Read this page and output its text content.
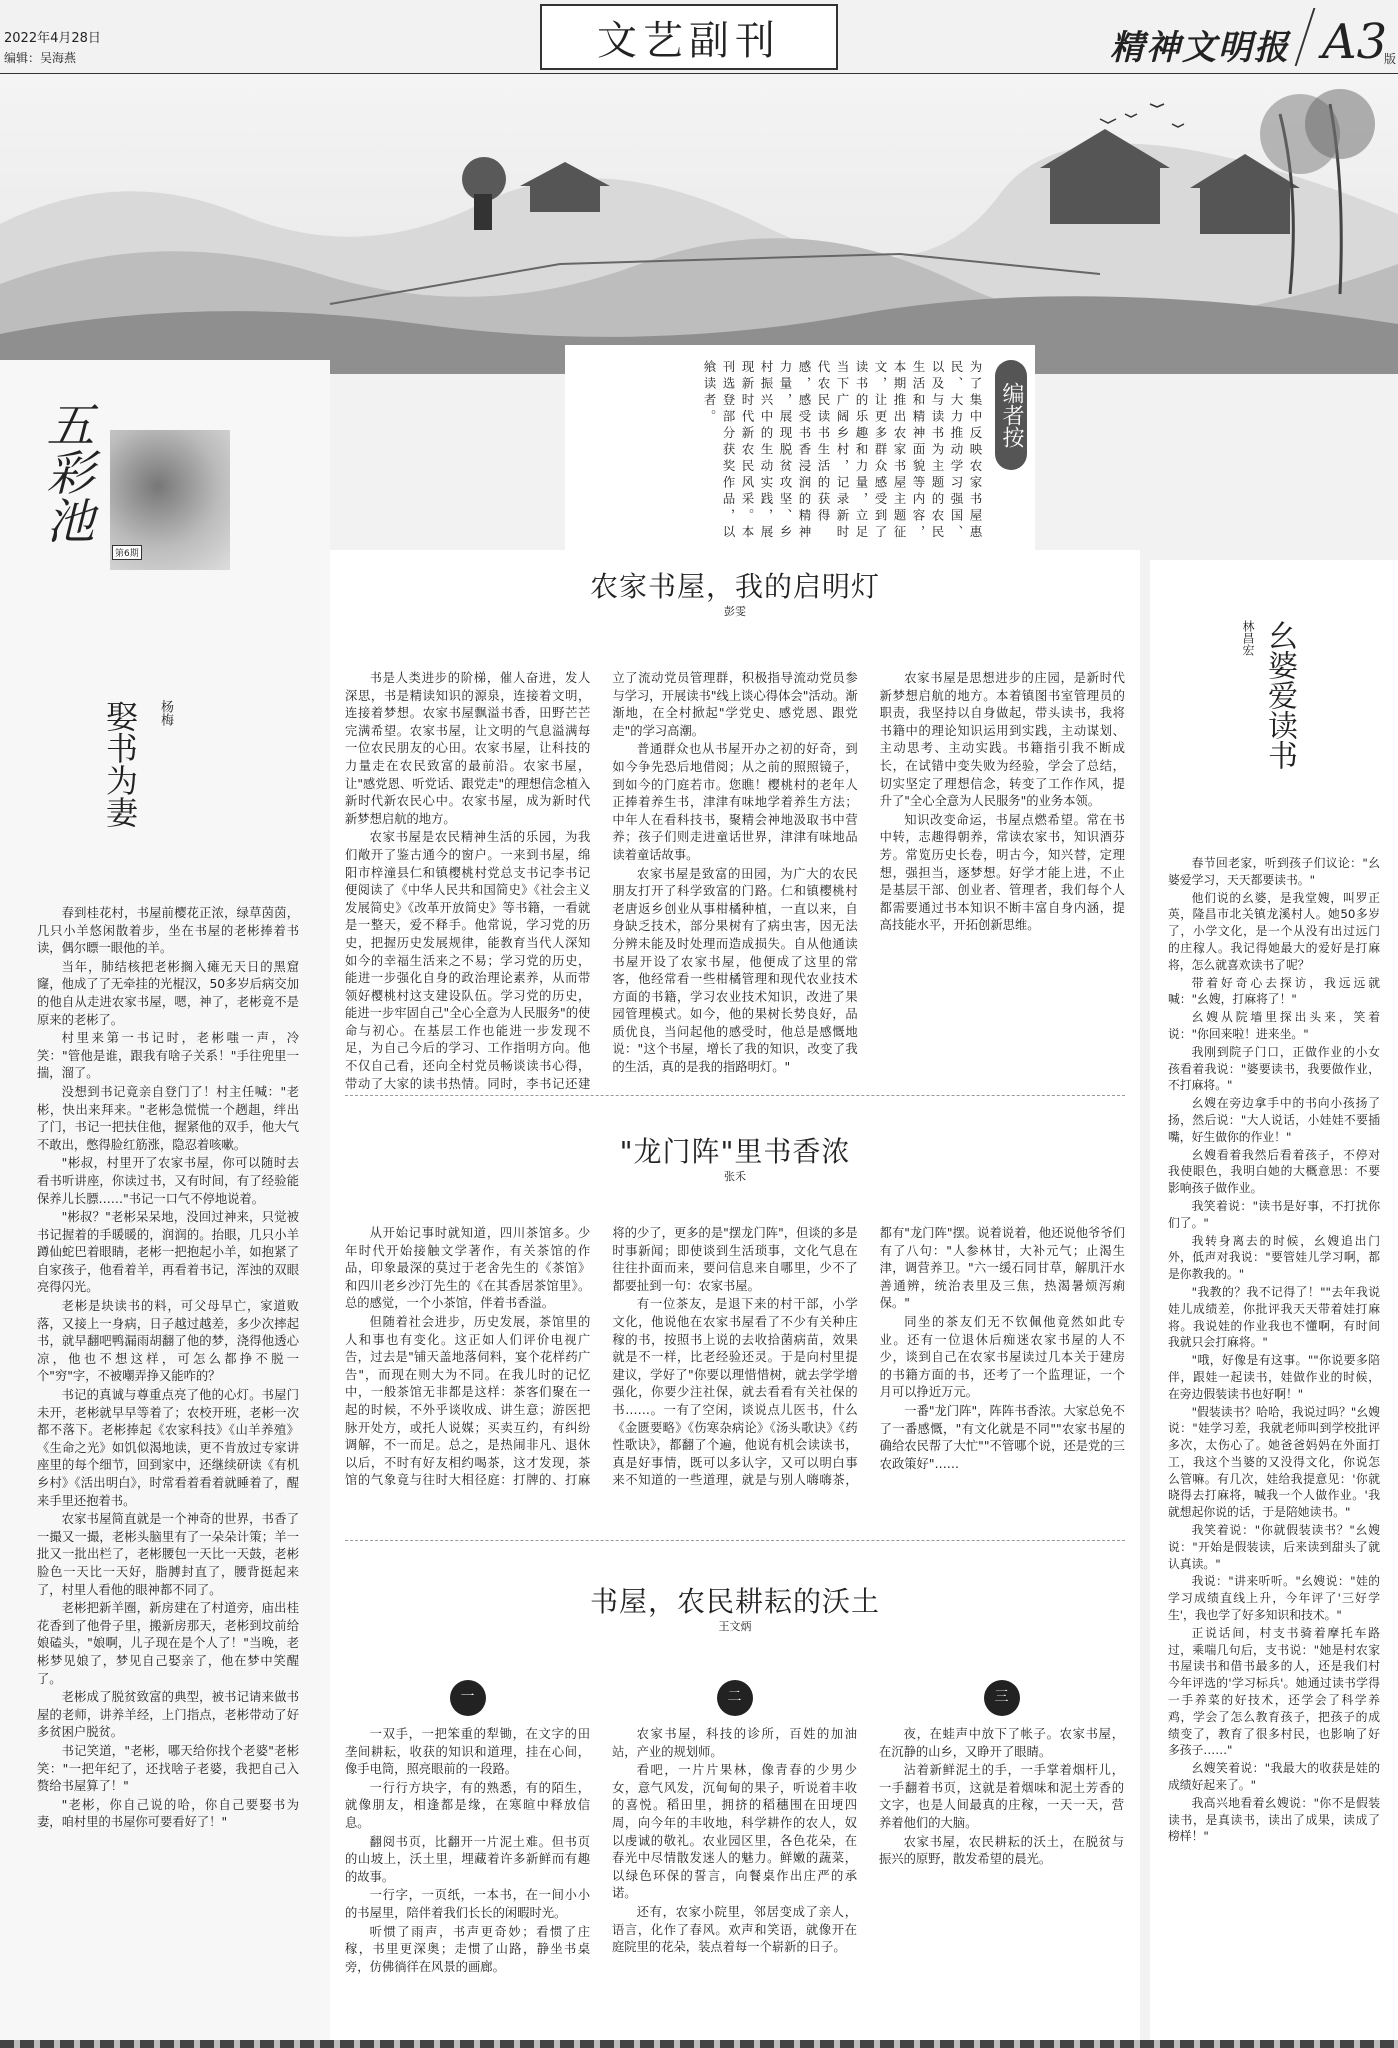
2022年4月28日
编辑：吴海燕	文艺副刊	精神文明报 A3
版
五彩池
第6期
娶书为妻 杨梅

春到桂花村，书屋前樱花正浓，绿草茵茵，几只小羊悠闲散着步，坐在书屋的老彬捧着书读，偶尔瞟一眼他的羊。

当年，肺结核把老彬搁入瘫无天日的黑窟窿，他成了了无牵挂的光棍汉，50多岁后病交加的他自从走进农家书屋，嗯，神了，老彬竟不是原来的老彬了。

村里来第一书记时，老彬嗤一声，冷笑："管他是谁，跟我有啥子关系！"手往兜里一揣，溜了。

没想到书记竟亲自登门了！村主任喊："老彬，快出来拜来。"老彬急慌慌一个趔趄，绊出了门，书记一把扶住他，握紧他的双手，他大气不敢出，憋得脸红筋涨，隐忍着咳嗽。

"彬叔，村里开了农家书屋，你可以随时去看书听讲座，你读过书，又有时间，有了经验能保养儿长膘……"书记一口气不停地说着。

"彬叔？"老彬呆呆地，没回过神来，只觉被书记握着的手暖暖的，润润的。抬眼，几只小羊蹲仙蛇巴着眼睛，老彬一把抱起小羊，如抱紧了自家孩子，他看着羊，再看着书记，浑浊的双眼亮得闪光。

老彬是块读书的料，可父母早亡，家道败落，又接上一身病，日子越过越差，多少次摔起书，就早翻吧鸭漏雨胡翻了他的梦，浇得他透心凉，他也不想这样，可怎么都挣不脱一个"穷"字，不被嘲弄挣又能咋的？

书记的真诚与尊重点亮了他的心灯。书屋门未开，老彬就早早等着了；农校开班，老彬一次都不落下。老彬捧起《农家科技》《山羊养殖》《生命之光》如饥似渴地读，更不肯放过专家讲座里的每个细节，回到家中，还继续研读《有机乡村》《活出明白》，时常看着看着就睡着了，醒来手里还抱着书。

农家书屋简直就是一个神奇的世界，书香了一撮又一撮，老彬头脑里有了一朵朵计策；羊一批又一批出栏了，老彬腰包一天比一天鼓，老彬脸色一天比一天好，脂膊封直了，腰背挺起来了，村里人看他的眼神都不同了。

老彬把新羊圈，新房建在了村道旁，庙出桂花香到了他骨子里，搬新房那天，老彬到坟前给娘磕头，"娘啊，儿子现在是个人了！"当晚，老彬梦见娘了，梦见自己娶亲了，他在梦中笑醒了。

老彬成了脱贫致富的典型，被书记请来做书屋的老师，讲养羊经，上门指点，老彬带动了好多贫困户脱贫。

书记笑道，"老彬，哪天给你找个老婆"老彬笑："一把年纪了，还找啥子老婆，我把自己入赘给书屋算了！"

"老彬，你自己说的哈，你自己要娶书为妻，咱村里的书屋你可要看好了！"

编者按
为了集中反映农家书屋惠民、大力推动学习强国、以及与读书为主题的农民生活和精神面貌等内容，本期推出农家书屋主题征文，让更多群众感受到了读书的乐趣和力量，立足当下广阔乡村，记录新时代农民读书生活的获得感，感受书香浸润的精神力量，展现脱贫攻坚、乡村振兴中的生动实践，展现新时代新农民风采。本刊选登部分获奖作品，以飨读者。
农家书屋，我的启明灯
彭雯

书是人类进步的阶梯，催人奋进，发人深思，书是精读知识的源泉，连接着文明，连接着梦想。农家书屋飘溢书香，田野芒芒完满希望。农家书屋，让文明的气息溢满每一位农民朋友的心田。农家书屋，让科技的力量走在农民致富的最前沿。农家书屋，让"感党恩、听党话、跟党走"的理想信念植入新时代新农民心中。农家书屋，成为新时代新梦想启航的地方。

农家书屋是农民精神生活的乐园，为我们敞开了鉴古通今的窗户。一来到书屋，绵阳市梓潼县仁和镇樱桃村党总支书记李书记便阅读了《中华人民共和国简史》《社会主义发展简史》《改革开放简史》等书籍，一看就是一整天，爱不释手。他常说，学习党的历史，把握历史发展规律，能教育当代人深知如今的幸福生活来之不易；学习党的历史，能进一步强化自身的政治理论素养，从而带领好樱桃村这支建设队伍。学习党的历史，能进一步牢固自己"全心全意为人民服务"的使命与初心。在基层工作也能进一步发现不足，为自己今后的学习、工作指明方向。他不仅自己看，还向全村党员畅谈读书心得，带动了大家的读书热情。同时，李书记还建立了流动党员管理群，积极指导流动党员参与学习，开展读书"线上谈心得体会"活动。渐渐地，在全村掀起"学党史、感党恩、跟党走"的学习高潮。

普通群众也从书屋开办之初的好奇，到如今争先恐后地借阅；从之前的照照镜子，到如今的门庭若市。您瞧！樱桃村的老年人正捧着养生书，津津有味地学着养生方法；中年人在看科技书，聚精会神地汲取书中营养；孩子们则走进童话世界，津津有味地品读着童话故事。

农家书屋是致富的田园，为广大的农民朋友打开了科学致富的门路。仁和镇樱桃村老唐返乡创业从事柑橘种植，一直以来，自身缺乏技术，部分果树有了病虫害，因无法分辨未能及时处理而造成损失。自从他通读书屋开设了农家书屋，他便成了这里的常客，他经常看一些柑橘管理和现代农业技术方面的书籍，学习农业技术知识，改进了果园管理模式。如今，他的果树长势良好，品质优良，当问起他的感受时，他总是感慨地说："这个书屋，增长了我的知识，改变了我的生活，真的是我的指路明灯。"

农家书屋是思想进步的庄园，是新时代新梦想启航的地方。本着镇图书室管理员的职责，我坚持以自身做起，带头读书，我将书籍中的理论知识运用到实践，主动谋划、主动思考、主动实践。书籍指引我不断成长，在试错中变失败为经验，学会了总结，切实坚定了理想信念，转变了工作作风，提升了"全心全意为人民服务"的业务本领。

知识改变命运，书屋点燃希望。常在书中转，志趣得朝养，常读农家书，知识酒芬芳。常览历史长卷，明古今，知兴替，定理想，强担当，逐梦想。好学才能上进，不止是基层干部、创业者、管理者，我们每个人都需要通过书本知识不断丰富自身内涵，提高技能水平，开拓创新思维。

"龙门阵"里书香浓
张禾

从开始记事时就知道，四川茶馆多。少年时代开始接触文学著作，有关茶馆的作品，印象最深的莫过于老舍先生的《茶馆》和四川老乡沙汀先生的《在其香居茶馆里》。总的感觉，一个小茶馆，伴着书香溢。

但随着社会进步，历史发展，茶馆里的人和事也有变化。这正如人们评价电视广告，过去是"铺天盖地落伺料，宴个花样药广告"，而现在则大为不同。在我儿时的记忆中，一般茶馆无非都是这样：茶客们聚在一起的时候，不外乎谈收成、讲生意；游医把脉开处方，或托人说媒；买卖互约，有纠纷调解，不一而足。总之，是热闹非凡、退休以后，不时有好友相约喝茶，这才发现，茶馆的气象竟与往时大相径庭：打牌的、打麻将的少了，更多的是"摆龙门阵"，但谈的多是时事新闻；即使谈到生活琐事，文化气息在往往扑面而来，要问信息来自哪里，少不了都要扯到一句：农家书屋。

有一位茶友，是退下来的村干部，小学文化，他说他在农家书屋看了不少有关种庄稼的书，按照书上说的去收拾菌病苗，效果就是不一样，比老经验还灵。于是向村里提建议，学好了"你要以理惜惜树，就去学学增强化，你要少注社保，就去看看有关社保的书……。一有了空闲，谈说点儿医书，什么《金匮要略》《伤寒杂病论》《汤头歌诀》《药性歌诀》，都翻了个遍，他说有机会读读书，真是好事情，既可以多认字，又可以明白事来不知道的一些道理，就是与别人嗨嗨茶，都有"龙门阵"摆。说着说着，他还说他爷爷们有了八句："人参林甘，大补元气；止渴生津，调营养卫。"六一缓石同甘草，解肌汗水善通辨，统治表里及三焦，热渴暑烦泻痢保。"

同坐的茶友们无不钦佩他竟然如此专业。还有一位退休后痴迷农家书屋的人不少，谈到自己在农家书屋读过几本关于建房的书籍方面的书，还考了一个监理证，一个月可以挣近万元。

一番"龙门阵"，阵阵书香浓。大家总免不了一番感慨，"有文化就是不同""农家书屋的确给农民帮了大忙""不管哪个说，还是党的三农政策好"……

书屋，农民耕耘的沃土
王文炳
一

一双手，一把笨重的犁锄，在文字的田垄间耕耘，收获的知识和道理，挂在心间，像手电筒，照亮眼前的一段路。

一行行方块字，有的熟悉，有的陌生，就像朋友，相逢都是缘，在寒暄中释放信息。

翻阅书页，比翻开一片泥土难。但书页的山坡上，沃土里，埋藏着许多新鲜而有趣的故事。

一行字，一页纸，一本书，在一间小小的书屋里，陪伴着我们长长的闲暇时光。

听惯了雨声，书声更奇妙；看惯了庄稼，书里更深奥；走惯了山路，静坐书桌旁，仿佛徜徉在风景的画廊。

二

农家书屋，科技的诊所，百姓的加油站，产业的规划师。

看吧，一片片果林，像青春的少男少女，意气风发，沉甸甸的果子，听说着丰收的喜悦。稻田里，拥挤的稻穗围在田埂四周，向今年的丰收地，科学耕作的农人，奴以虔诚的敬礼。农业园区里，各色花朵，在春光中尽情散发迷人的魅力。鲜嫩的蔬菜，以绿色环保的誓言，向餐桌作出庄严的承诺。

还有，农家小院里，邻居变成了亲人，语言，化作了春风。欢声和笑语，就像开在庭院里的花朵，装点着每一个崭新的日子。

三

夜，在蛙声中放下了帐子。农家书屋，在沉静的山乡，又睁开了眼睛。

沾着新鲜泥土的手，一手掌着烟杆儿，一手翻着书页，这就是着烟味和泥土芳香的文字，也是人间最真的庄稼，一天一天，营养着他们的大脑。

农家书屋，农民耕耘的沃土，在脱贫与振兴的原野，散发希望的晨光。

幺婆爱读书
林昌宏

春节回老家，听到孩子们议论："幺婆爱学习，天天都要读书。"

他们说的幺婆，是我堂嫂，叫罗正英，隆昌市北关镇龙溪村人。她50多岁了，小学文化，是一个从没有出过远门的庄稼人。我记得她最大的爱好是打麻将，怎么就喜欢读书了呢？

带着好奇心去探访，我远远就喊："幺嫂，打麻将了！"

幺嫂从院墙里探出头来，笑着说："你回来啦！进来坐。"

我刚到院子门口，正做作业的小女孩看着我说："婆要读书，我要做作业，不打麻将。"

幺嫂在旁边拿手中的书向小孩扬了扬，然后说："大人说话，小娃娃不要插嘴，好生做你的作业！"

幺嫂看着我然后看着孩子，不停对我使眼色，我明白她的大概意思：不要影响孩子做作业。

我笑着说："读书是好事，不打扰你们了。"

我转身离去的时候，幺嫂追出门外，低声对我说："要管娃儿学习啊，都是你教我的。"

"我教的？我不记得了！""去年我说娃儿成绩差，你批评我天天带着娃打麻将。我说娃的作业我也不懂啊，有时间我就只会打麻将。"

"哦，好像是有这事。""你说要多陪伴，跟娃一起读书，娃做作业的时候，在旁边假装读书也好啊！"

"假装读书？哈哈，我说过吗？"幺嫂说："娃学习差，我就老师叫到学校批评多次，太伤心了。她爸爸妈妈在外面打工，我这个当婆的又没得文化，你说怎么管嘛。有几次，娃给我提意见：'你就晓得去打麻将，喊我一个人做作业。'我就想起你说的话，于是陪她读书。"

我笑着说："你就假装读书？"幺嫂说："开始是假装读，后来读到甜头了就认真读。"

我说："讲来听听。"幺嫂说："娃的学习成绩直线上升，今年评了'三好学生'，我也学了好多知识和技术。"

正说话间，村支书骑着摩托车路过，乘喘几句后，支书说："她是村农家书屋读书和借书最多的人，还是我们村今年评选的'学习标兵'。她通过读书学得一手养菜的好技术，还学会了科学养鸡，学会了怎么教育孩子，把孩子的成绩变了，教育了很多村民，也影响了好多孩子……"

幺嫂笑着说："我最大的收获是娃的成绩好起来了。"

我高兴地看着幺嫂说："你不是假装读书，是真读书，读出了成果，读成了榜样！"
